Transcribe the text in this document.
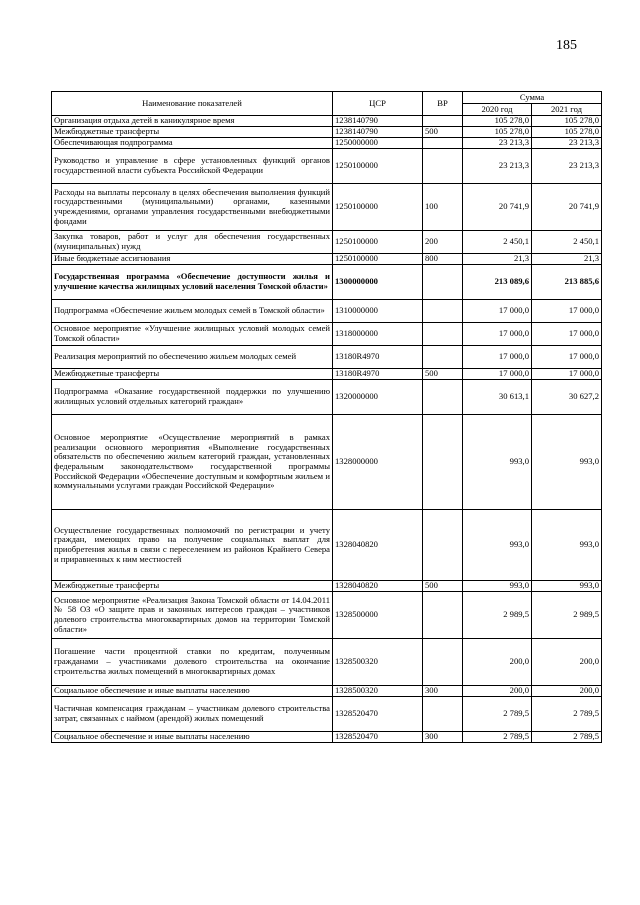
185
Наименование показателей	ЦСР	ВР	Сумма	
			2020 год	2021 год
Организация отдыха детей в каникулярное время	1238140790		105 278,0	105 278,0
Межбюджетные трансферты	1238140790	500	105 278,0	105 278,0
Обеспечивающая подпрограмма	1250000000		23 213,3	23 213,3
Руководство и управление в сфере установленных функций органов государственной власти субъекта Российской Федерации	1250100000		23 213,3	23 213,3
Расходы на выплаты персоналу в целях обеспечения выполнения функций государственными (муниципальными) органами, казенными учреждениями, органами управления государственными внебюджетными фондами	1250100000	100	20 741,9	20 741,9
Закупка товаров, работ и услуг для обеспечения государственных (муниципальных) нужд	1250100000	200	2 450,1	2 450,1
Иные бюджетные ассигнования	1250100000	800	21,3	21,3
Государственная программа «Обеспечение доступности жилья и улучшение качества жилищных условий населения Томской области»	1300000000		213 089,6	213 885,6
Подпрограмма «Обеспечение жильем молодых семей в Томской области»	1310000000		17 000,0	17 000,0
Основное мероприятие «Улучшение жилищных условий молодых семей Томской области»	1318000000		17 000,0	17 000,0
Реализация мероприятий по обеспечению жильем молодых семей	13180R4970		17 000,0	17 000,0
Межбюджетные трансферты	13180R4970	500	17 000,0	17 000,0
Подпрограмма «Оказание государственной поддержки по улучшению жилищных условий отдельных категорий граждан»	1320000000		30 613,1	30 627,2
Основное мероприятие «Осуществление мероприятий в рамках реализации основного мероприятия «Выполнение государственных обязательств по обеспечению жильем категорий граждан, установленных федеральным законодательством» государственной программы Российской Федерации «Обеспечение доступным и комфортным жильем и коммунальными услугами граждан Российской Федерации»	1328000000		993,0	993,0
Осуществление государственных полномочий по регистрации и учету граждан, имеющих право на получение социальных выплат для приобретения жилья в связи с переселением из районов Крайнего Севера и приравненных к ним местностей	1328040820		993,0	993,0
Межбюджетные трансферты	1328040820	500	993,0	993,0
Основное мероприятие «Реализация Закона Томской области от 14.04.2011 № 58 ОЗ «О защите прав и законных интересов граждан – участников долевого строительства многоквартирных домов на территории Томской области»	1328500000		2 989,5	2 989,5
Погашение части процентной ставки по кредитам, полученным гражданами – участниками долевого строительства на окончание строительства жилых помещений в многоквартирных домах	1328500320		200,0	200,0
Социальное обеспечение и иные выплаты населению	1328500320	300	200,0	200,0
Частичная компенсация гражданам – участникам долевого строительства затрат, связанных с наймом (арендой) жилых помещений	1328520470		2 789,5	2 789,5
Социальное обеспечение и иные выплаты населению	1328520470	300	2 789,5	2 789,5
